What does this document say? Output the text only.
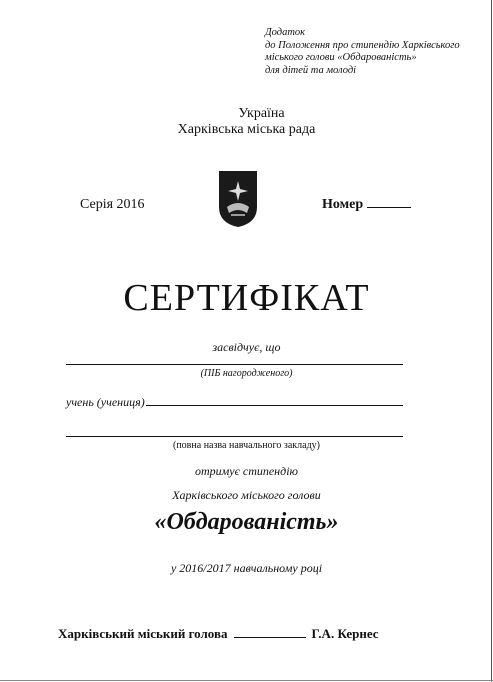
Додаток
до Положення про стипендію Харківського
міського голови «Обдарованість»
для дітей та молоді
Україна
Харківська міська рада
Серія 2016	Номер
СЕРТИФІКАТ
засвідчує, що
(ПІБ нагородженого)
учень (учениця)
(повна назва навчального закладу)
отримує стипендію
Харківського міського голови
«Обдарованість»
у 2016/2017 навчальному році
Харківський міський голова	Г.А. Кернес
